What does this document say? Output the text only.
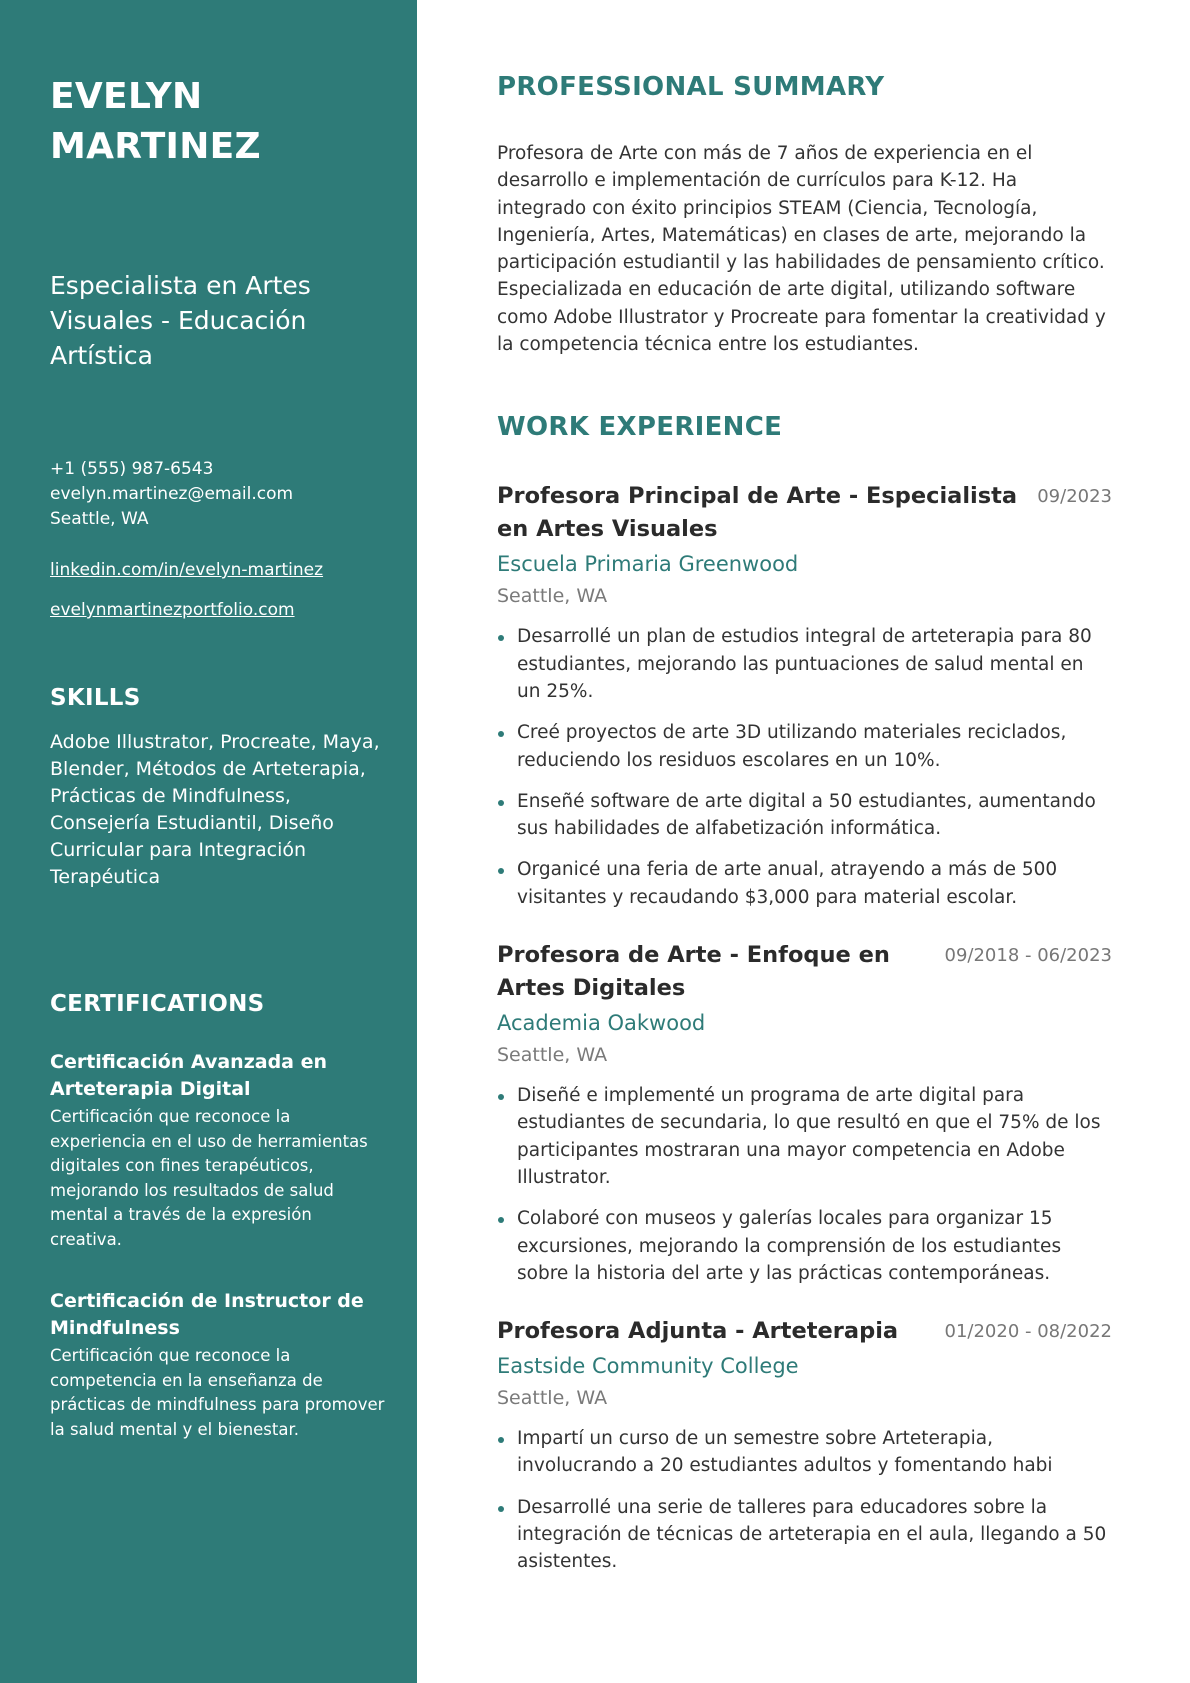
EVELYN
MARTINEZ
Especialista en Artes Visuales - Educación Artística
+1 (555) 987-6543
evelyn.martinez@email.com
Seattle, WA
linkedin.com/in/evelyn-martinez
evelynmartinezportfolio.com
SKILLS
Adobe Illustrator, Procreate, Maya, Blender, Métodos de Arteterapia, Prácticas de Mindfulness, Consejería Estudiantil, Diseño Curricular para Integración Terapéutica
CERTIFICATIONS
Certificación Avanzada en Arteterapia Digital
Certificación que reconoce la experiencia en el uso de herramientas digitales con fines terapéuticos, mejorando los resultados de salud mental a través de la expresión creativa.
Certificación de Instructor de Mindfulness
Certificación que reconoce la competencia en la enseñanza de prácticas de mindfulness para promover la salud mental y el bienestar.
PROFESSIONAL SUMMARY

Profesora de Arte con más de 7 años de experiencia en el desarrollo e implementación de currículos para K-12. Ha integrado con éxito principios STEAM (Ciencia, Tecnología, Ingeniería, Artes, Matemáticas) en clases de arte, mejorando la participación estudiantil y las habilidades de pensamiento crítico. Especializada en educación de arte digital, utilizando software como Adobe Illustrator y Procreate para fomentar la creatividad y la competencia técnica entre los estudiantes.

WORK EXPERIENCE
Profesora Principal de Arte - Especialista en Artes Visuales
09/2023
Escuela Primaria Greenwood
Seattle, WA
Desarrollé un plan de estudios integral de arteterapia para 80 estudiantes, mejorando las puntuaciones de salud mental en un 25%.
Creé proyectos de arte 3D utilizando materiales reciclados, reduciendo los residuos escolares en un 10%.
Enseñé software de arte digital a 50 estudiantes, aumentando sus habilidades de alfabetización informática.
Organicé una feria de arte anual, atrayendo a más de 500 visitantes y recaudando $3,000 para material escolar.
Profesora de Arte - Enfoque en Artes Digitales
09/2018 - 06/2023
Academia Oakwood
Seattle, WA
Diseñé e implementé un programa de arte digital para estudiantes de secundaria, lo que resultó en que el 75% de los participantes mostraran una mayor competencia en Adobe Illustrator.
Colaboré con museos y galerías locales para organizar 15 excursiones, mejorando la comprensión de los estudiantes sobre la historia del arte y las prácticas contemporáneas.
Profesora Adjunta - Arteterapia	01/2020 - 08/2022
Eastside Community College
Seattle, WA
Impartí un curso de un semestre sobre Arteterapia, involucrando a 20 estudiantes adultos y fomentando habi
Desarrollé una serie de talleres para educadores sobre la integración de técnicas de arteterapia en el aula, llegando a 50 asistentes.
